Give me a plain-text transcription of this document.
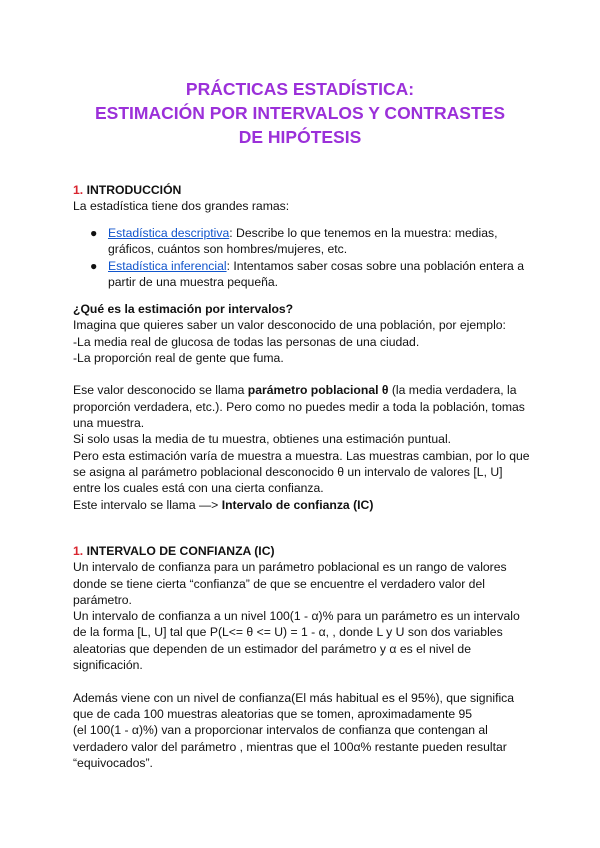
PRÁCTICAS ESTADÍSTICA:
ESTIMACIÓN POR INTERVALOS Y CONTRASTES
DE HIPÓTESIS
1. INTRODUCCIÓN
La estadística tiene dos grandes ramas:
● Estadística descriptiva: Describe lo que tenemos en la muestra: medias,
gráficos, cuántos son hombres/mujeres, etc.
● Estadística inferencial: Intentamos saber cosas sobre una población entera a
partir de una muestra pequeña.
¿Qué es la estimación por intervalos?
Imagina que quieres saber un valor desconocido de una población, por ejemplo:
-La media real de glucosa de todas las personas de una ciudad.
-La proporción real de gente que fuma.
Ese valor desconocido se llama parámetro poblacional θ (la media verdadera, la
proporción verdadera, etc.). Pero como no puedes medir a toda la población, tomas
una muestra.
Si solo usas la media de tu muestra, obtienes una estimación puntual.
Pero esta estimación varía de muestra a muestra. Las muestras cambian, por lo que
se asigna al parámetro poblacional desconocido θ un intervalo de valores [L, U]
entre los cuales está con una cierta confianza.
Este intervalo se llama —> Intervalo de confianza (IC)
1. INTERVALO DE CONFIANZA (IC)
Un intervalo de confianza para un parámetro poblacional es un rango de valores
donde se tiene cierta “confianza” de que se encuentre el verdadero valor del
parámetro.
Un intervalo de confianza a un nivel 100(1 - α)% para un parámetro es un intervalo
de la forma [L, U] tal que P(L<= θ <= U) = 1 - α, , donde L y U son dos variables
aleatorias que dependen de un estimador del parámetro y α es el nivel de
significación.
Además viene con un nivel de confianza(El más habitual es el 95%), que significa
que de cada 100 muestras aleatorias que se tomen, aproximadamente 95
(el 100(1 - α)%) van a proporcionar intervalos de confianza que contengan al
verdadero valor del parámetro , mientras que el 100α% restante pueden resultar
“equivocados”.
